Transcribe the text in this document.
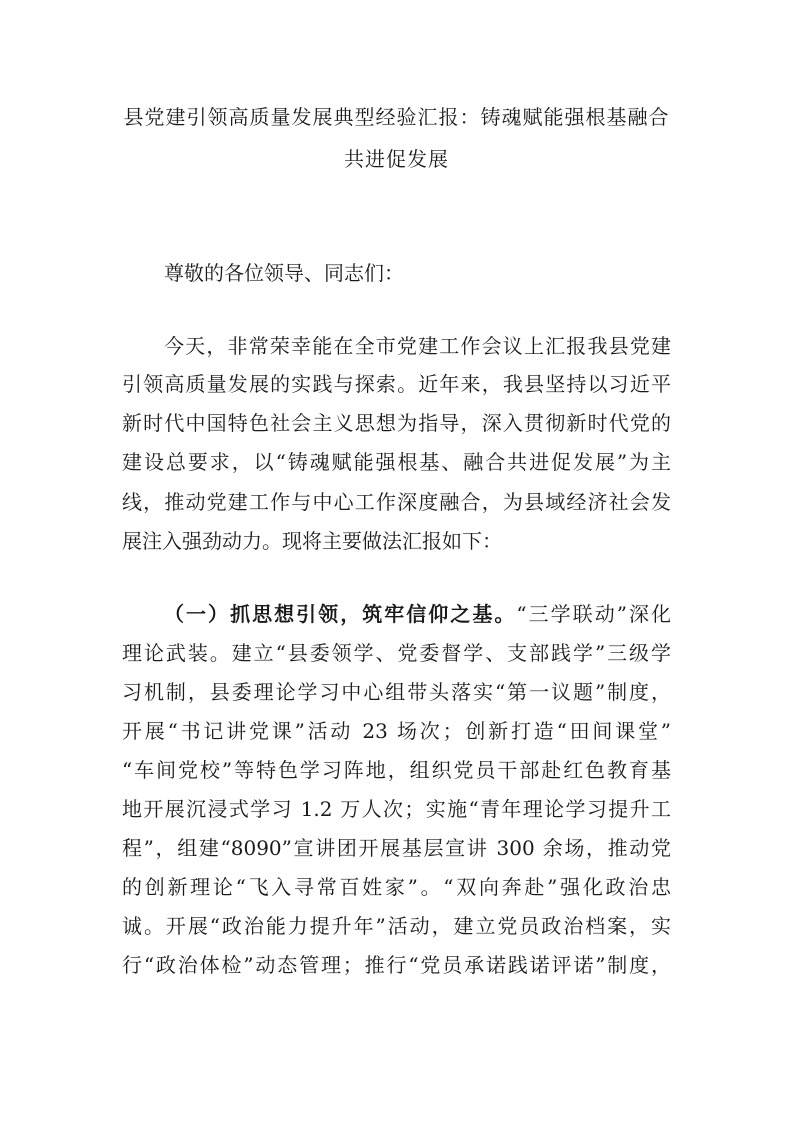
县党建引领高质量发展典型经验汇报：铸魂赋能强根基融合
共进促发展
尊敬的各位领导、同志们：
今天，非常荣幸能在全市党建工作会议上汇报我县党建
引领高质量发展的实践与探索。近年来，我县坚持以习近平
新时代中国特色社会主义思想为指导，深入贯彻新时代党的
建设总要求，以“铸魂赋能强根基、融合共进促发展”为主
线，推动党建工作与中心工作深度融合，为县域经济社会发
展注入强劲动力。现将主要做法汇报如下：
（一）抓思想引领，筑牢信仰之基。“三学联动”深化
理论武装。建立“县委领学、党委督学、支部践学”三级学
习机制，县委理论学习中心组带头落实“第一议题”制度，
开展“书记讲党课”活动 23 场次；创新打造“田间课堂”
“车间党校”等特色学习阵地，组织党员干部赴红色教育基
地开展沉浸式学习 1.2 万人次；实施“青年理论学习提升工
程”，组建“8090”宣讲团开展基层宣讲 300 余场，推动党
的创新理论“飞入寻常百姓家”。“双向奔赴”强化政治忠
诚。开展“政治能力提升年”活动，建立党员政治档案，实
行“政治体检”动态管理；推行“党员承诺践诺评诺”制度，
